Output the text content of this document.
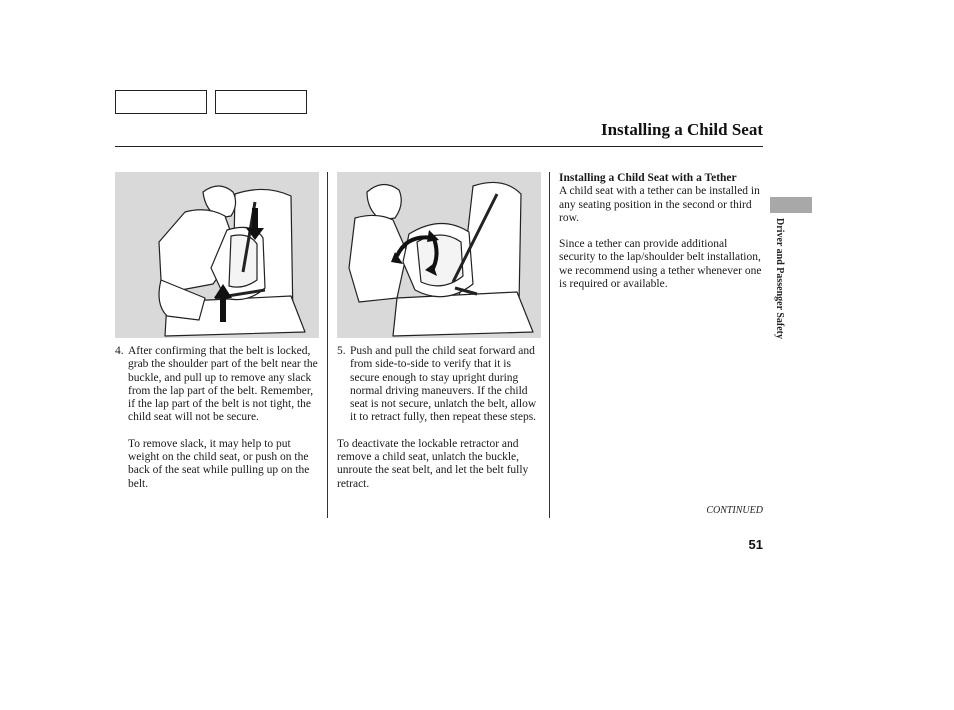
Installing a Child Seat
4. After confirming that the belt is locked, grab the shoulder part of the belt near the buckle, and pull up to remove any slack from the lap part of the belt. Remember, if the lap part of the belt is not tight, the child seat will not be secure.

To remove slack, it may help to put weight on the child seat, or push on the back of the seat while pulling up on the belt.

5. Push and pull the child seat forward and from side-to-side to verify that it is secure enough to stay upright during normal driving maneuvers. If the child seat is not secure, unlatch the belt, allow it to retract fully, then repeat these steps.

To deactivate the lockable retractor and remove a child seat, unlatch the buckle, unroute the seat belt, and let the belt fully retract.

Installing a Child Seat with a Tether

A child seat with a tether can be installed in any seating position in the second or third row.

Since a tether can provide additional security to the lap/shoulder belt installation, we recommend using a tether whenever one is required or available.

CONTINUED
51
Driver and Passenger Safety
